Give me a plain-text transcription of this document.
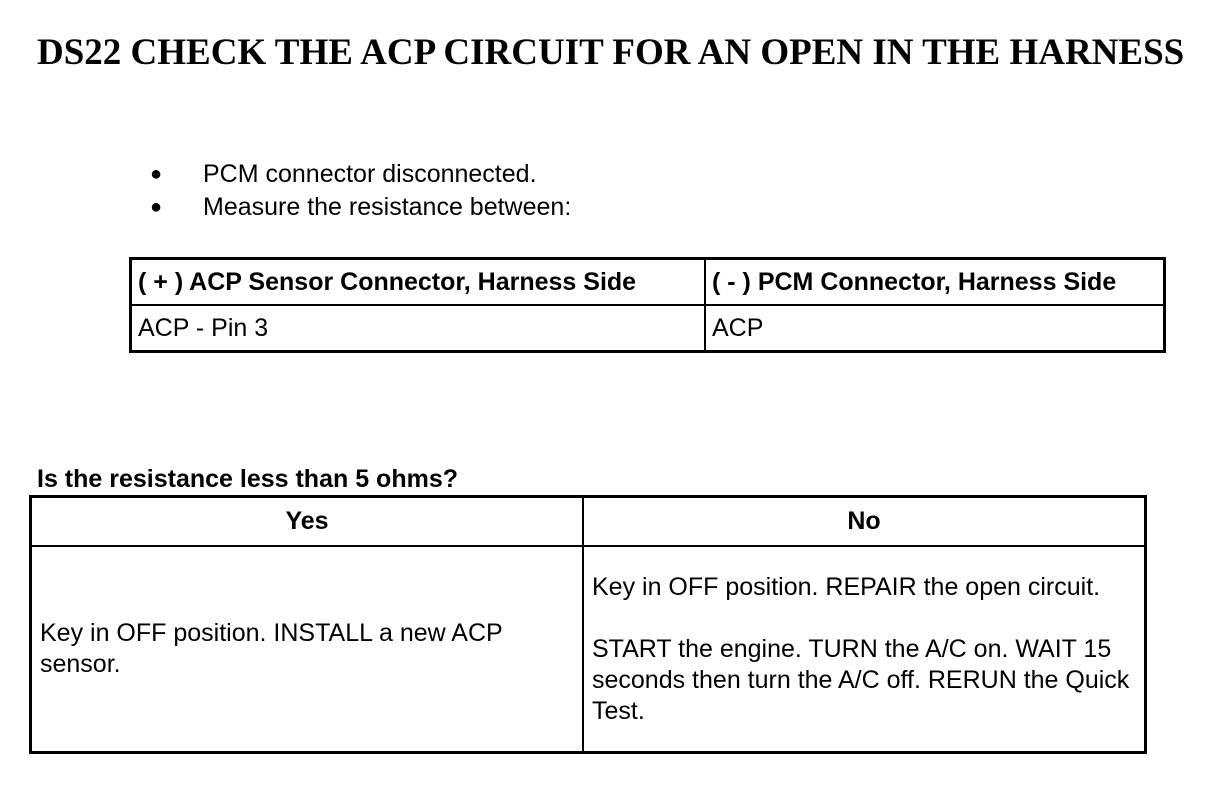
DS22 CHECK THE ACP CIRCUIT FOR AN OPEN IN THE HARNESS
●	PCM connector disconnected.
●	Measure the resistance between:
( + ) ACP Sensor Connector, Harness Side	( - ) PCM Connector, Harness Side
ACP - Pin 3	ACP

Is the resistance less than 5 ohms?

Yes	No
Key in OFF position. INSTALL a new ACP sensor.	Key in OFF position. REPAIR the open circuit.

START the engine. TURN the A/C on. WAIT 15 seconds then turn the A/C off. RERUN the Quick Test.
